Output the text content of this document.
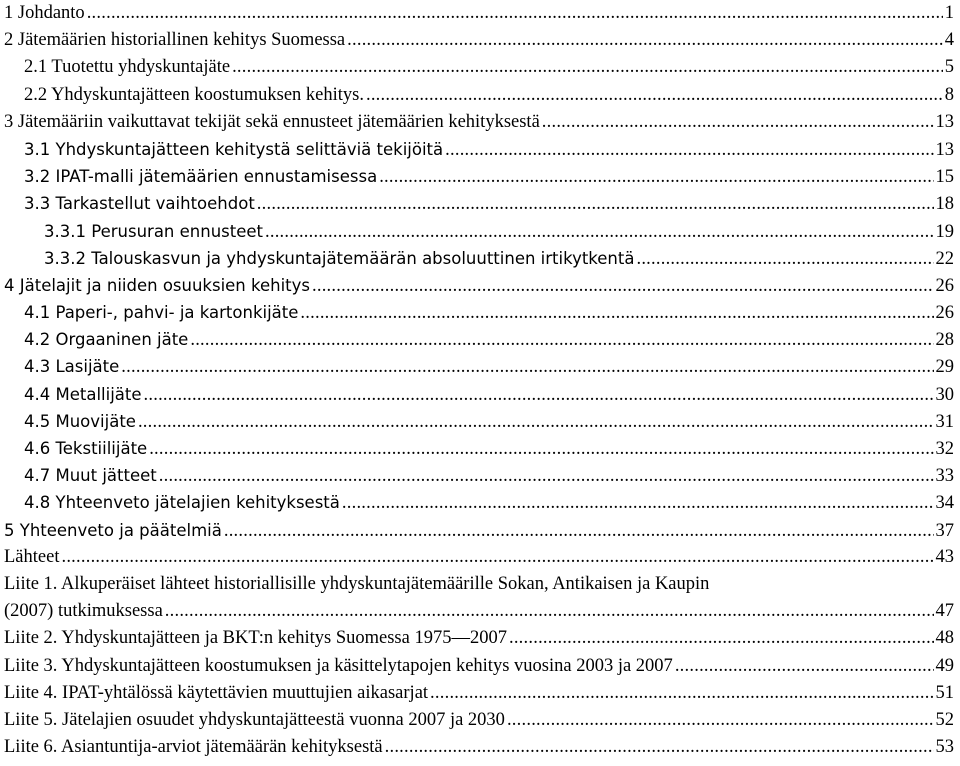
1 Johdanto . . .	1
2 Jätemäärien historiallinen kehitys Suomessa . . .	4
2.1 Tuotettu yhdyskuntajäte . . .	5
2.2 Yhdyskuntajätteen koostumuksen kehitys. . . .	8
3 Jätemääriin vaikuttavat tekijät sekä ennusteet jätemäärien kehityksestä . . .	13
3.1 Yhdyskuntajätteen kehitystä selittäviä tekijöitä . . .	13
3.2 IPAT-malli jätemäärien ennustamisessa . . .	15
3.3 Tarkastellut vaihtoehdot . . .	18
3.3.1 Perusuran ennusteet . . .	19
3.3.2 Talouskasvun ja yhdyskuntajätemäärän absoluuttinen irtikytkentä . . .	22
4 Jätelajit ja niiden osuuksien kehitys . . .	26
4.1 Paperi-, pahvi- ja kartonkijäte . . .	26
4.2 Orgaaninen jäte . . .	28
4.3 Lasijäte . . .	29
4.4 Metallijäte . . .	30
4.5 Muovijäte . . .	31
4.6 Tekstiilijäte . . .	32
4.7 Muut jätteet . . .	33
4.8 Yhteenveto jätelajien kehityksestä . . .	34
5 Yhteenveto ja päätelmiä . . .	37
Lähteet . . .	43
Liite 1. Alkuperäiset lähteet historiallisille yhdyskuntajätemäärille Sokan, Antikaisen ja Kaupin
(2007) tutkimuksessa . . .	47
Liite 2. Yhdyskuntajätteen ja BKT:n kehitys Suomessa 1975—2007 . . .	48
Liite 3. Yhdyskuntajätteen koostumuksen ja käsittelytapojen kehitys vuosina 2003 ja 2007 . . .	49
Liite 4. IPAT-yhtälössä käytettävien muuttujien aikasarjat . . .	51
Liite 5. Jätelajien osuudet yhdyskuntajätteestä vuonna 2007 ja 2030 . . .	52
Liite 6. Asiantuntija-arviot jätemäärän kehityksestä . . .	53
